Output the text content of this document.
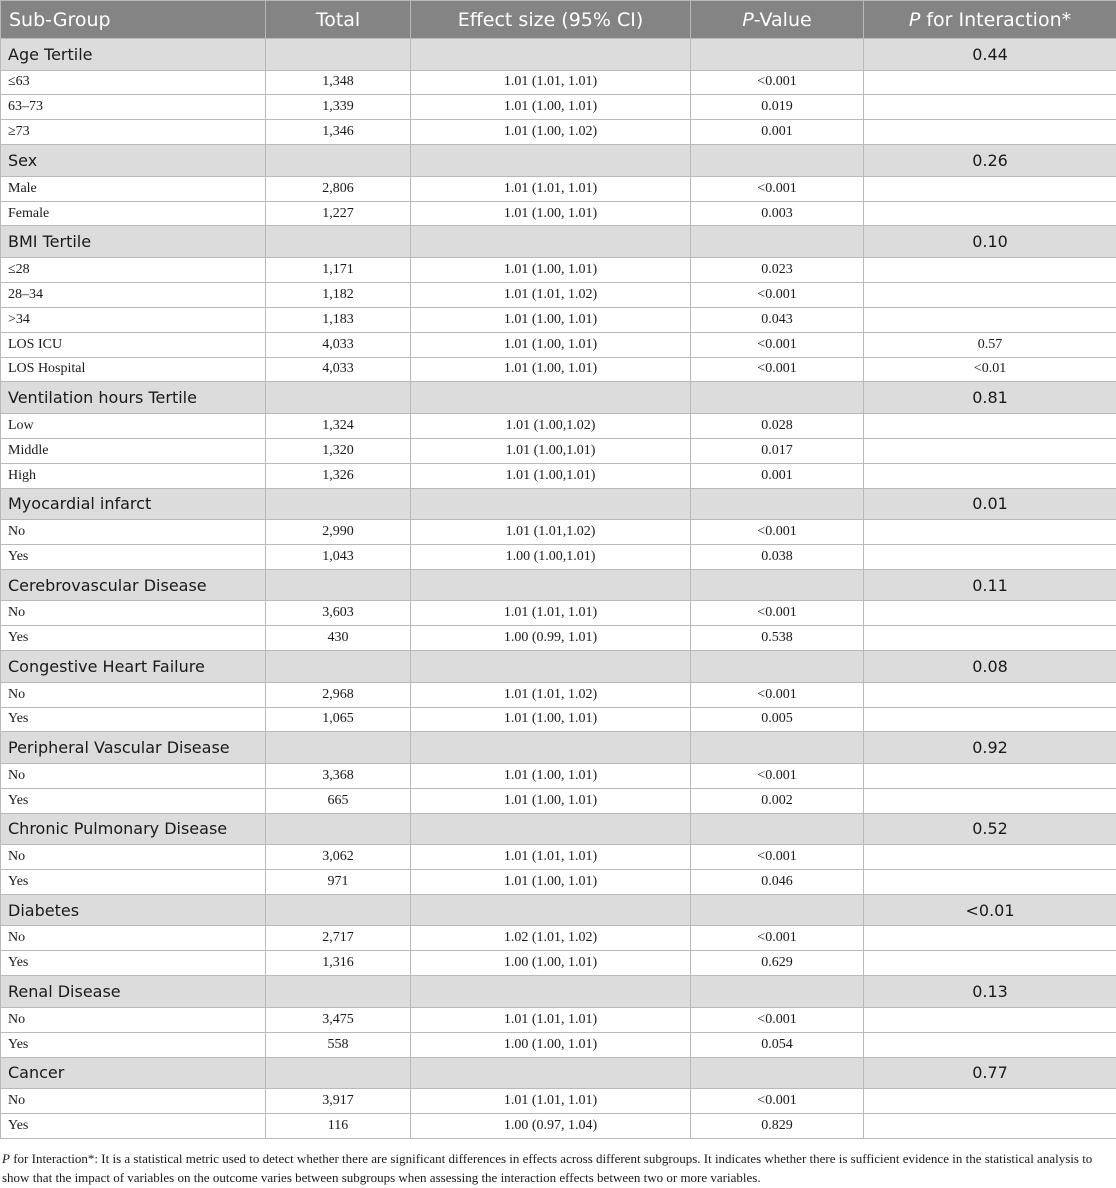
Sub-Group	Total	Effect size (95% CI)	P-Value	P for Interaction*
Age Tertile				0.44
≤63	1,348	1.01 (1.01, 1.01)	<0.001	
63–73	1,339	1.01 (1.00, 1.01)	0.019	
≥73	1,346	1.01 (1.00, 1.02)	0.001	
Sex				0.26
Male	2,806	1.01 (1.01, 1.01)	<0.001	
Female	1,227	1.01 (1.00, 1.01)	0.003	
BMI Tertile				0.10
≤28	1,171	1.01 (1.00, 1.01)	0.023	
28–34	1,182	1.01 (1.01, 1.02)	<0.001	
>34	1,183	1.01 (1.00, 1.01)	0.043	
LOS ICU	4,033	1.01 (1.00, 1.01)	<0.001	0.57
LOS Hospital	4,033	1.01 (1.00, 1.01)	<0.001	<0.01
Ventilation hours Tertile				0.81
Low	1,324	1.01 (1.00,1.02)	0.028	
Middle	1,320	1.01 (1.00,1.01)	0.017	
High	1,326	1.01 (1.00,1.01)	0.001	
Myocardial infarct				0.01
No	2,990	1.01 (1.01,1.02)	<0.001	
Yes	1,043	1.00 (1.00,1.01)	0.038	
Cerebrovascular Disease				0.11
No	3,603	1.01 (1.01, 1.01)	<0.001	
Yes	430	1.00 (0.99, 1.01)	0.538	
Congestive Heart Failure				0.08
No	2,968	1.01 (1.01, 1.02)	<0.001	
Yes	1,065	1.01 (1.00, 1.01)	0.005	
Peripheral Vascular Disease				0.92
No	3,368	1.01 (1.00, 1.01)	<0.001	
Yes	665	1.01 (1.00, 1.01)	0.002	
Chronic Pulmonary Disease				0.52
No	3,062	1.01 (1.01, 1.01)	<0.001	
Yes	971	1.01 (1.00, 1.01)	0.046	
Diabetes				<0.01
No	2,717	1.02 (1.01, 1.02)	<0.001	
Yes	1,316	1.00 (1.00, 1.01)	0.629	
Renal Disease				0.13
No	3,475	1.01 (1.01, 1.01)	<0.001	
Yes	558	1.00 (1.00, 1.01)	0.054	
Cancer				0.77
No	3,917	1.01 (1.01, 1.01)	<0.001	
Yes	116	1.00 (0.97, 1.04)	0.829	

P for Interaction*: It is a statistical metric used to detect whether there are significant differences in effects across different subgroups. It indicates whether there is sufficient evidence in the statistical analysis to show that the impact of variables on the outcome varies between subgroups when assessing the interaction effects between two or more variables.
